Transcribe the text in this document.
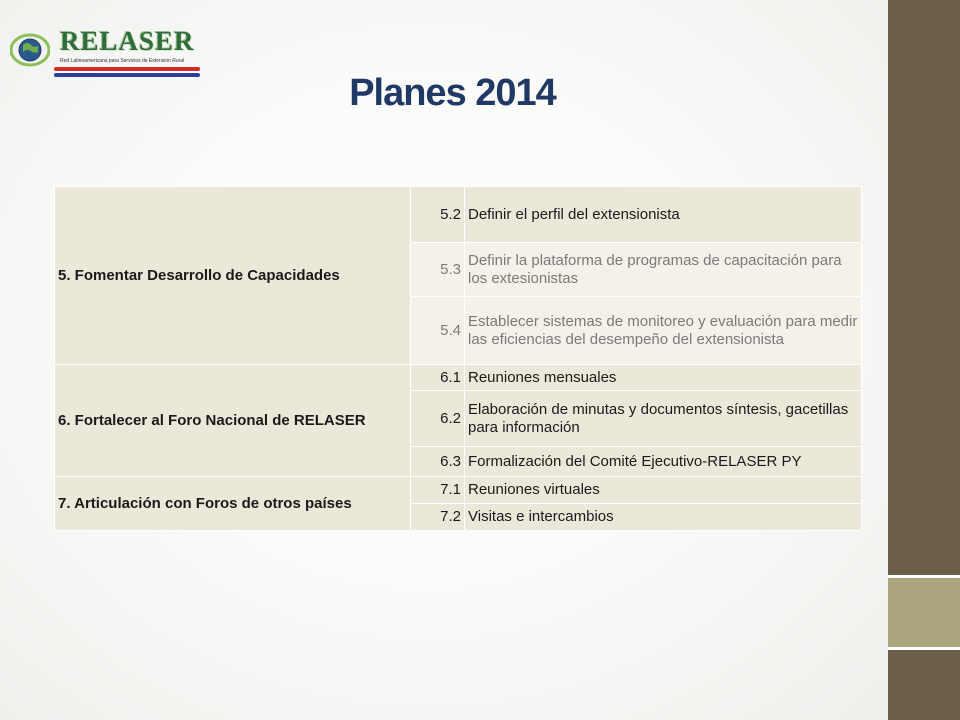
RELASER
Red Latinoamericana para Servicios de Extensión Rural
Planes 2014
5. Fomentar Desarrollo de Capacidades	5.2	Definir el perfil del extensionista
	5.3	Definir la plataforma de programas de capacitación para los extesionistas
	5.4	Establecer sistemas de monitoreo y evaluación para medir las eficiencias del desempeño del extensionista
6. Fortalecer al Foro Nacional de RELASER	6.1	Reuniones mensuales
	6.2	Elaboración de minutas y documentos síntesis, gacetillas para información
	6.3	Formalización del Comité Ejecutivo-RELASER PY
7. Articulación con Foros de otros países	7.1	Reuniones virtuales
	7.2	Visitas e intercambios
